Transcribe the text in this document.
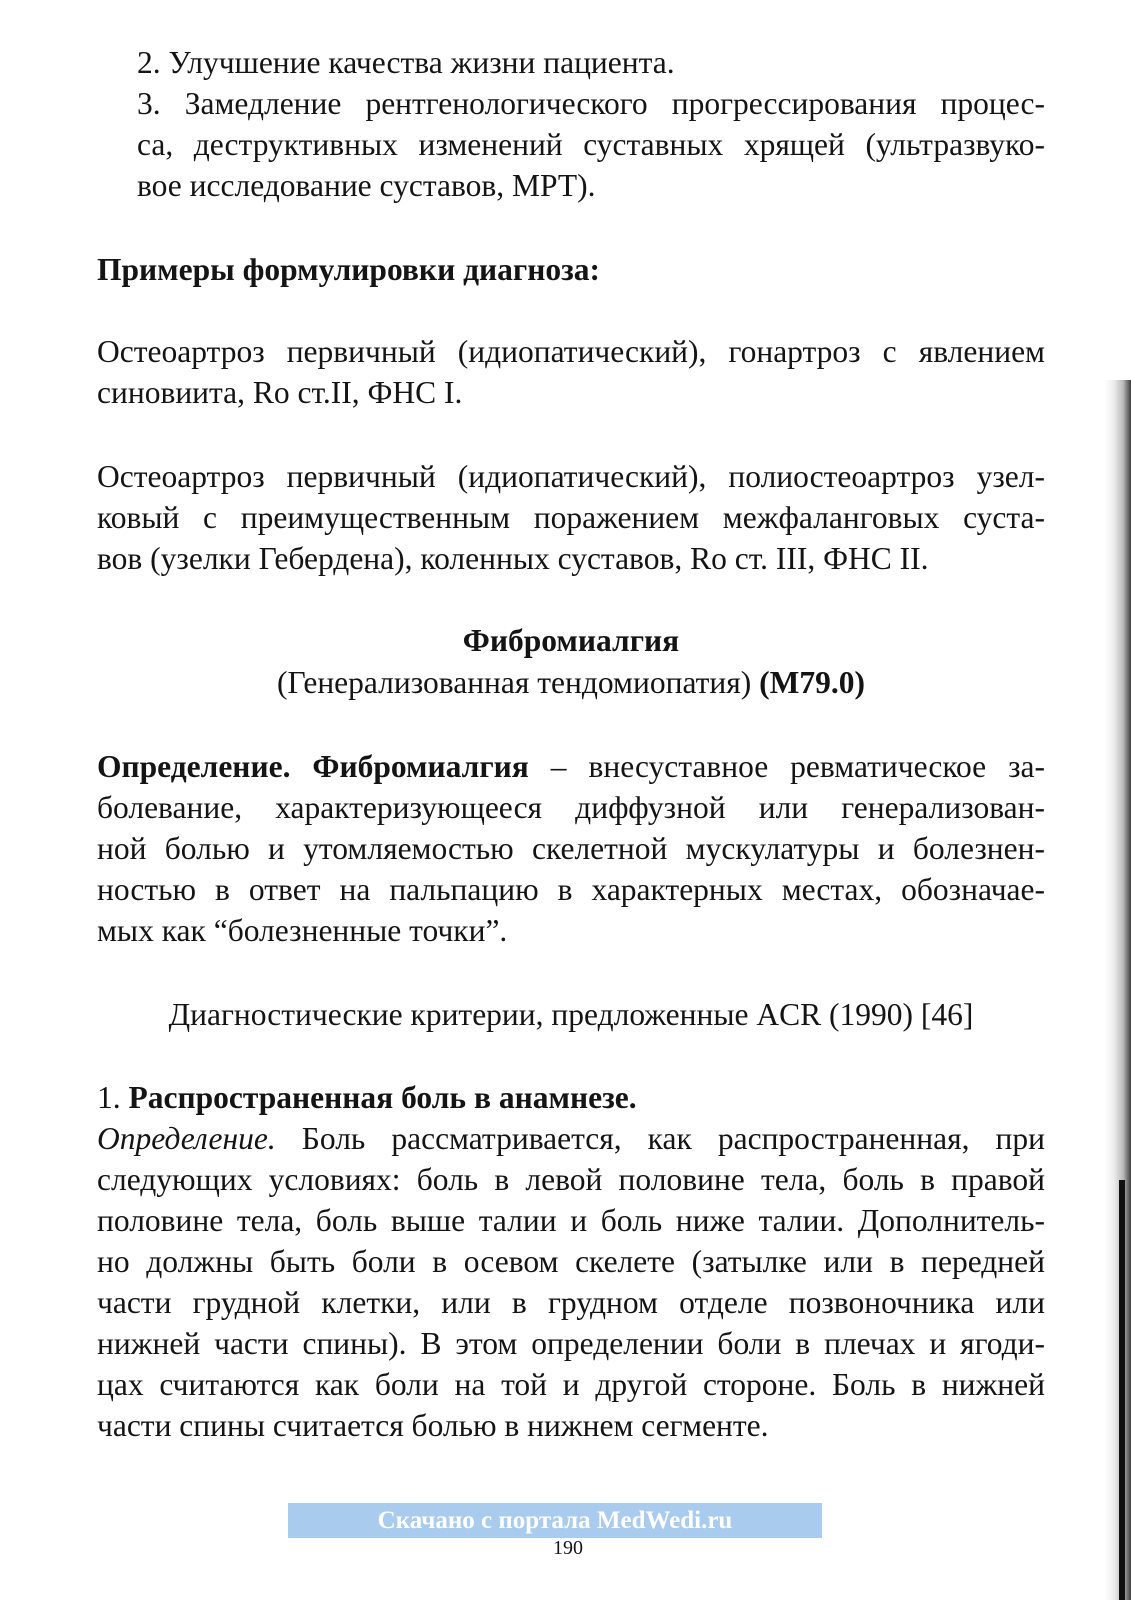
2. Улучшение качества жизни пациента.
3. Замедление рентгенологического прогрессирования процес-
са, деструктивных изменений суставных хрящей (ультразвуко-
вое исследование суставов, МРТ).
Примеры формулировки диагноза:
Остеоартроз первичный (идиопатический), гонартроз с явлением
синовиита, Ro ст.II, ФНС I.
Остеоартроз первичный (идиопатический), полиостеоартроз узел-
ковый с преимущественным поражением межфаланговых суста-
вов (узелки Гебердена), коленных суставов, Ro ст. III, ФНС II.
Фибромиалгия
(Генерализованная тендомиопатия) (M79.0)
Определение. Фибромиалгия – внесуставное ревматическое за-
болевание, характеризующееся диффузной или генерализован-
ной болью и утомляемостью скелетной мускулатуры и болезнен-
ностью в ответ на пальпацию в характерных местах, обозначае-
мых как “болезненные точки”.
Диагностические критерии, предложенные ACR (1990) [46]
1. Распространенная боль в анамнезе.
Определение. Боль рассматривается, как распространенная, при
следующих условиях: боль в левой половине тела, боль в правой
половине тела, боль выше талии и боль ниже талии. Дополнитель-
но должны быть боли в осевом скелете (затылке или в передней
части грудной клетки, или в грудном отделе позвоночника или
нижней части спины). В этом определении боли в плечах и ягоди-
цах считаются как боли на той и другой стороне. Боль в нижней
части спины считается болью в нижнем сегменте.
Скачано с портала MedWedi.ru
190
